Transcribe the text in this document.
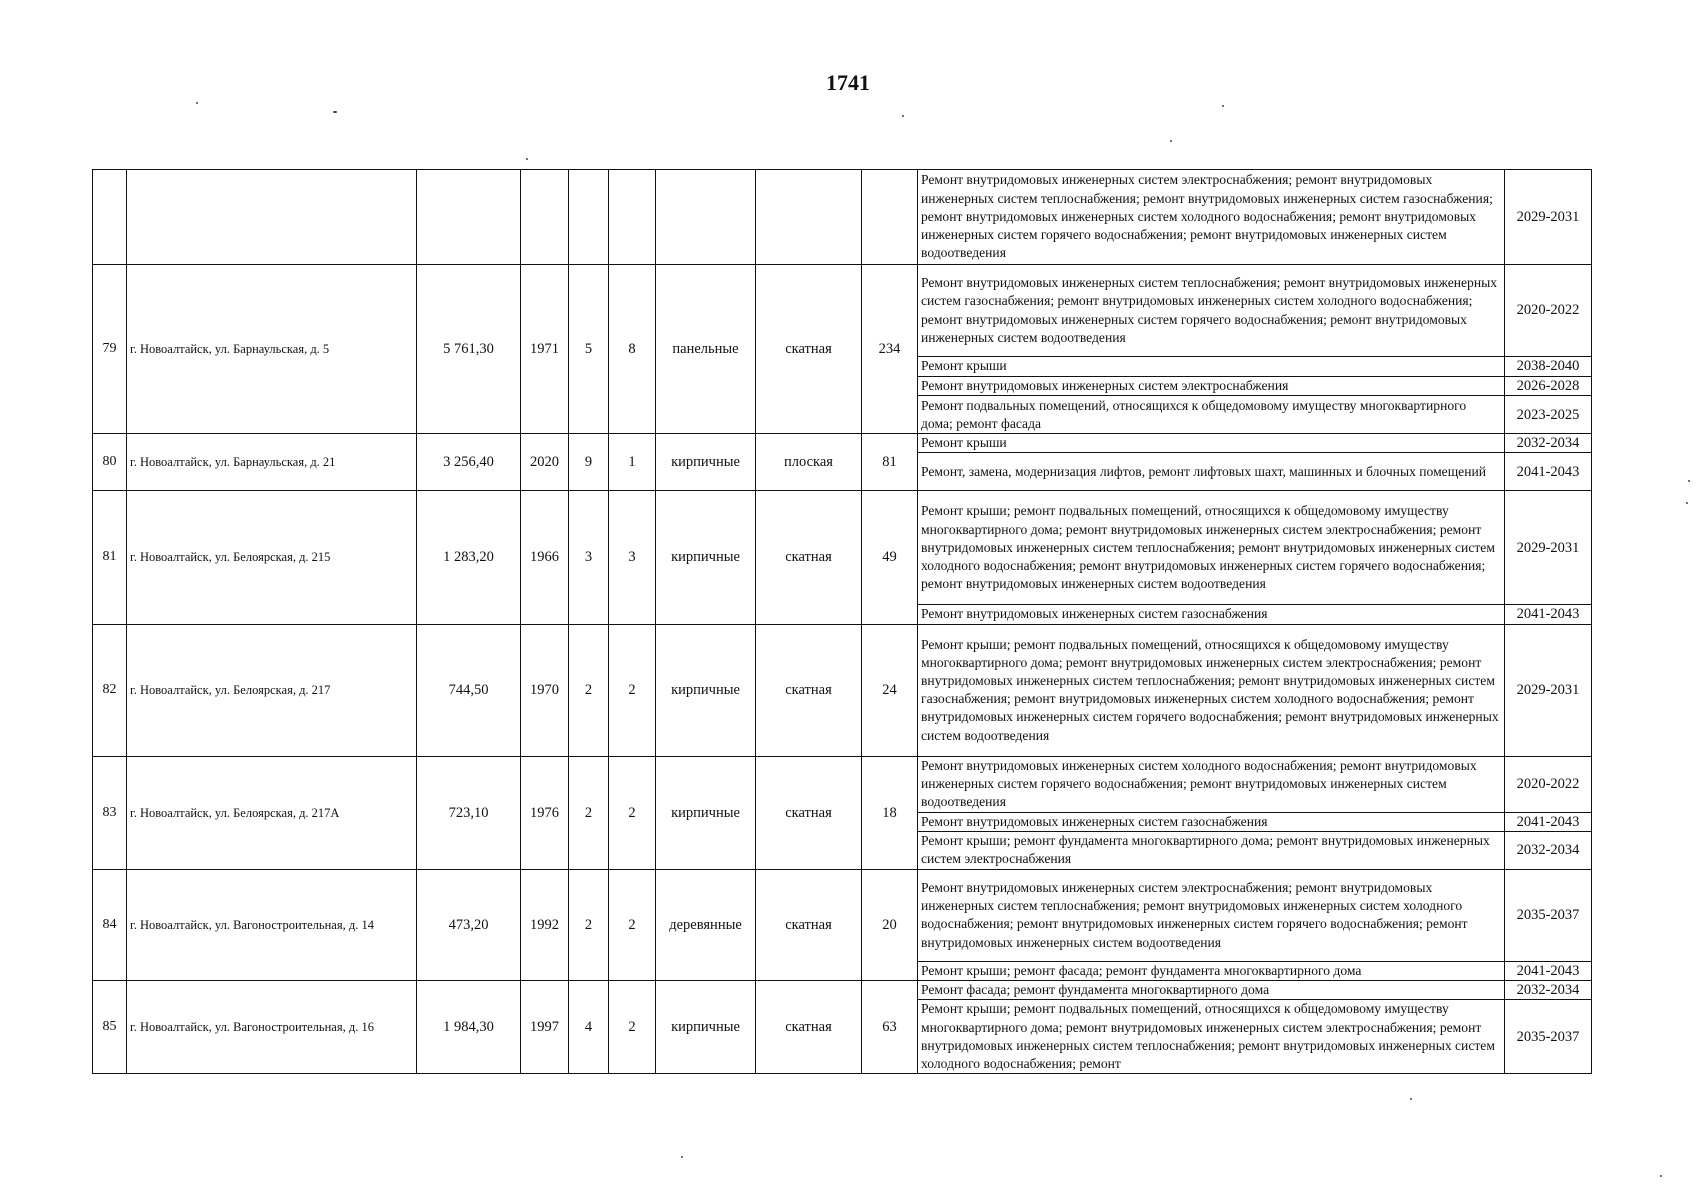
1741
									Ремонт внутридомовых инженерных систем электроснабжения; ремонт внутридомовых инженерных систем теплоснабжения; ремонт внутридомовых инженерных систем газоснабжения; ремонт внутридомовых инженерных систем холодного водоснабжения; ремонт внутридомовых инженерных систем горячего водоснабжения; ремонт внутридомовых инженерных систем водоотведения	2029-2031
79	г. Новоалтайск, ул. Барнаульская, д. 5	5 761,30	1971	5	8	панельные	скатная	234	Ремонт внутридомовых инженерных систем теплоснабжения; ремонт внутридомовых инженерных систем газоснабжения; ремонт внутридомовых инженерных систем холодного водоснабжения; ремонт внутридомовых инженерных систем горячего водоснабжения; ремонт внутридомовых инженерных систем водоотведения	2020-2022
									Ремонт крыши	2038-2040
									Ремонт внутридомовых инженерных систем электроснабжения	2026-2028
									Ремонт подвальных помещений, относящихся к общедомовому имуществу многоквартирного дома; ремонт фасада	2023-2025
80	г. Новоалтайск, ул. Барнаульская, д. 21	3 256,40	2020	9	1	кирпичные	плоская	81	Ремонт крыши	2032-2034
									Ремонт, замена, модернизация лифтов, ремонт лифтовых шахт, машинных и блочных помещений	2041-2043
81	г. Новоалтайск, ул. Белоярская, д. 215	1 283,20	1966	3	3	кирпичные	скатная	49	Ремонт крыши; ремонт подвальных помещений, относящихся к общедомовому имуществу многоквартирного дома; ремонт внутридомовых инженерных систем электроснабжения; ремонт внутридомовых инженерных систем теплоснабжения; ремонт внутридомовых инженерных систем холодного водоснабжения; ремонт внутридомовых инженерных систем горячего водоснабжения; ремонт внутридомовых инженерных систем водоотведения	2029-2031
									Ремонт внутридомовых инженерных систем газоснабжения	2041-2043
82	г. Новоалтайск, ул. Белоярская, д. 217	744,50	1970	2	2	кирпичные	скатная	24	Ремонт крыши; ремонт подвальных помещений, относящихся к общедомовому имуществу многоквартирного дома; ремонт внутридомовых инженерных систем электроснабжения; ремонт внутридомовых инженерных систем теплоснабжения; ремонт внутридомовых инженерных систем газоснабжения; ремонт внутридомовых инженерных систем холодного водоснабжения; ремонт внутридомовых инженерных систем горячего водоснабжения; ремонт внутридомовых инженерных систем водоотведения	2029-2031
83	г. Новоалтайск, ул. Белоярская, д. 217А	723,10	1976	2	2	кирпичные	скатная	18	Ремонт внутридомовых инженерных систем холодного водоснабжения; ремонт внутридомовых инженерных систем горячего водоснабжения; ремонт внутридомовых инженерных систем водоотведения	2020-2022
									Ремонт внутридомовых инженерных систем газоснабжения	2041-2043
									Ремонт крыши; ремонт фундамента многоквартирного дома; ремонт внутридомовых инженерных систем электроснабжения	2032-2034
84	г. Новоалтайск, ул. Вагоностроительная, д. 14	473,20	1992	2	2	деревянные	скатная	20	Ремонт внутридомовых инженерных систем электроснабжения; ремонт внутридомовых инженерных систем теплоснабжения; ремонт внутридомовых инженерных систем холодного водоснабжения; ремонт внутридомовых инженерных систем горячего водоснабжения; ремонт внутридомовых инженерных систем водоотведения	2035-2037
									Ремонт крыши; ремонт фасада; ремонт фундамента многоквартирного дома	2041-2043
85	г. Новоалтайск, ул. Вагоностроительная, д. 16	1 984,30	1997	4	2	кирпичные	скатная	63	Ремонт фасада; ремонт фундамента многоквартирного дома	2032-2034
									Ремонт крыши; ремонт подвальных помещений, относящихся к общедомовому имуществу многоквартирного дома; ремонт внутридомовых инженерных систем электроснабжения; ремонт внутридомовых инженерных систем теплоснабжения; ремонт внутридомовых инженерных систем холодного водоснабжения; ремонт	2035-2037
